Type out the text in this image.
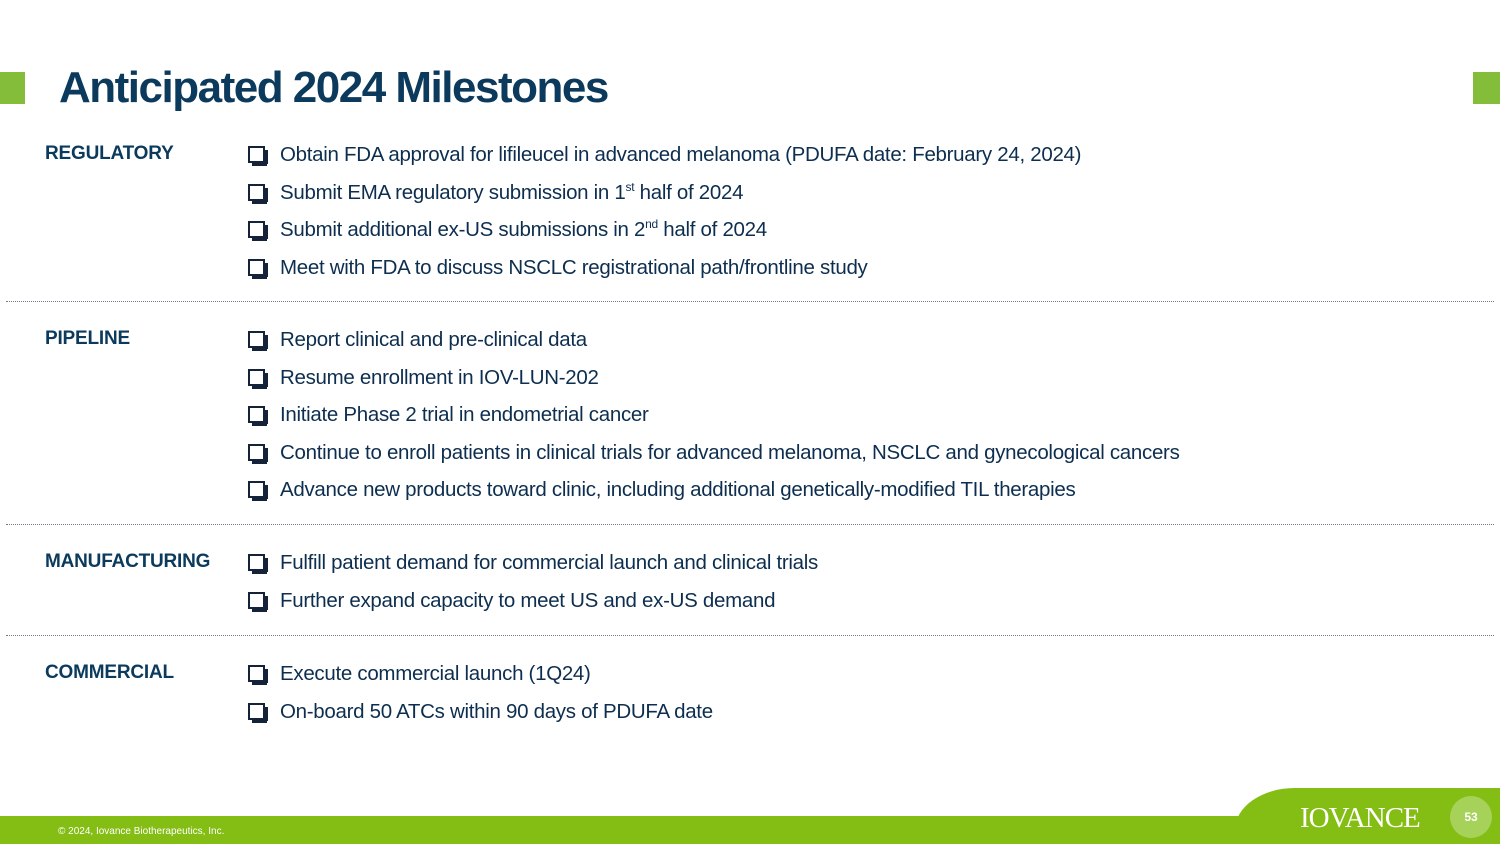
Anticipated 2024 Milestones
REGULATORY	Obtain FDA approval for lifileucel in advanced melanoma (PDUFA date: February 24, 2024)
Submit EMA regulatory submission in 1st half of 2024
Submit additional ex-US submissions in 2nd half of 2024
Meet with FDA to discuss NSCLC registrational path/frontline study
PIPELINE	Report clinical and pre-clinical data
Resume enrollment in IOV-LUN-202
Initiate Phase 2 trial in endometrial cancer
Continue to enroll patients in clinical trials for advanced melanoma, NSCLC and gynecological cancers
Advance new products toward clinic, including additional genetically-modified TIL therapies
MANUFACTURING	Fulfill patient demand for commercial launch and clinical trials
Further expand capacity to meet US and ex-US demand
COMMERCIAL	Execute commercial launch (1Q24)
On-board 50 ATCs within 90 days of PDUFA date
© 2024, Iovance Biotherapeutics, Inc.	IOVANCE	53
